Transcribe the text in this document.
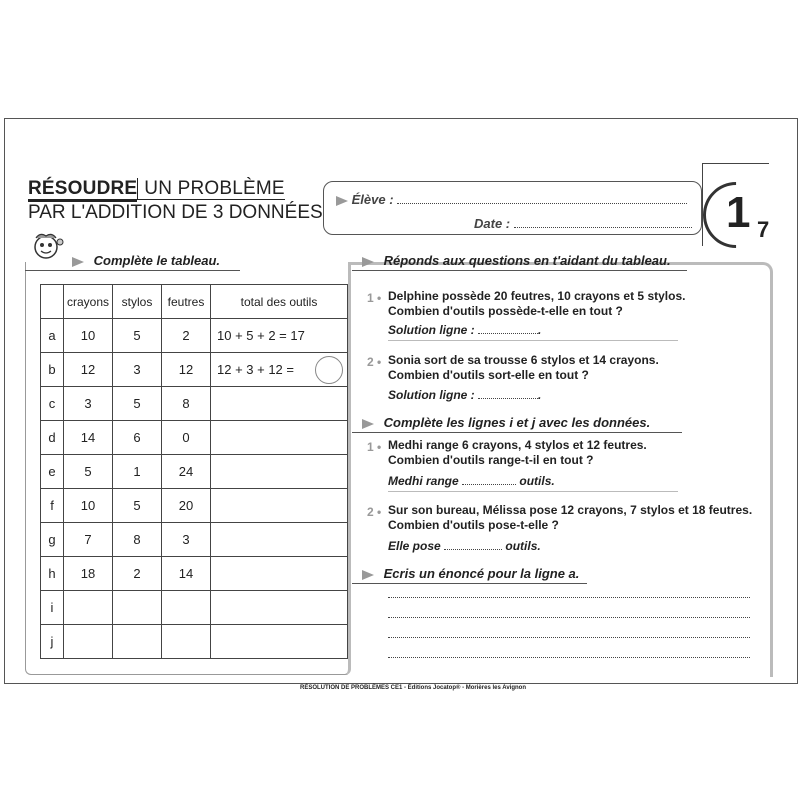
RÉSOUDRE UN PROBLÈME
PAR L'ADDITION DE 3 DONNÉES
Élève :
Date :	1 7
Complète le tableau.
	crayons	stylos	feutres	total des outils
a	10	5	2	10 + 5 + 2 = 17
b	12	3	12	12 + 3 + 12 =

c	3	5	8	
d	14	6	0	
e	5	1	24	
f	10	5	20	
g	7	8	3	
h	18	2	14	
i				
j				
Réponds aux questions en t'aidant du tableau.
1 • Delphine possède 20 feutres, 10 crayons et 5 stylos.
Combien d'outils possède-t-elle en tout ?
Solution ligne :	.
2 • Sonia sort de sa trousse 6 stylos et 14 crayons.
Combien d'outils sort-elle en tout ?
Solution ligne :	.
Complète les lignes i et j avec les données.
1 • Medhi range 6 crayons, 4 stylos et 12 feutres.
Combien d'outils range-t-il en tout ?
Medhi range	outils.
2 • Sur son bureau, Mélissa pose 12 crayons, 7 stylos et 18 feutres.
Combien d'outils pose-t-elle ?
Elle pose	outils.
Ecris un énoncé pour la ligne a.
RÉSOLUTION DE PROBLÈMES CE1 - Éditions Jocatop® - Morières les Avignon
